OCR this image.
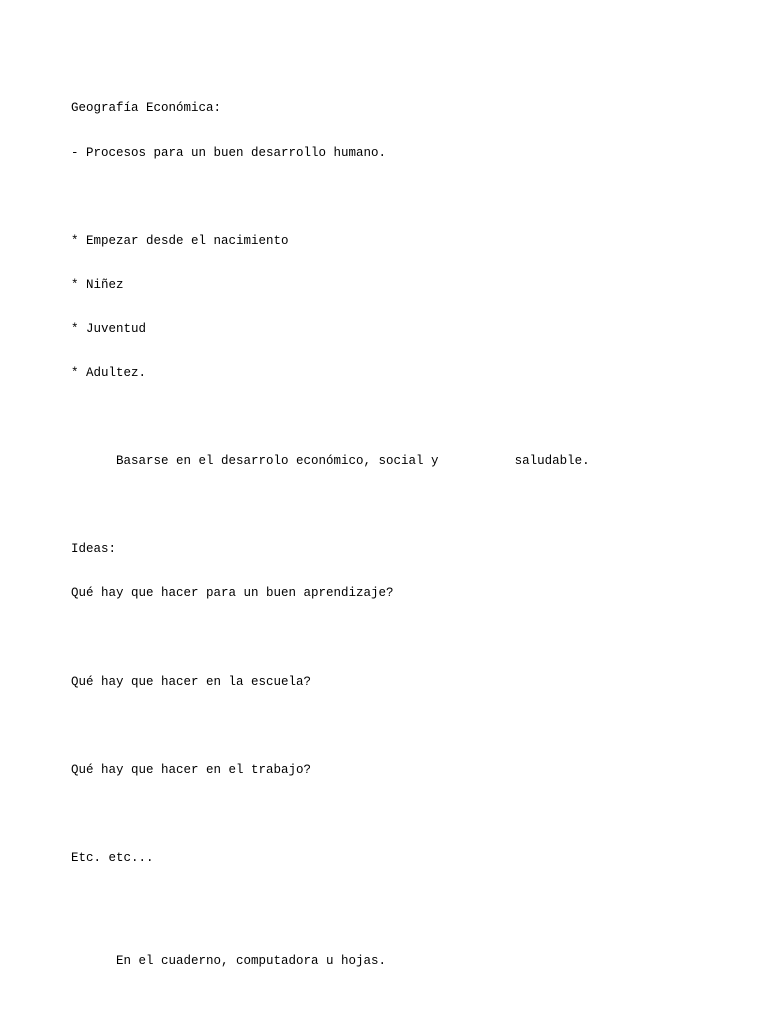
Geografía Económica:

- Procesos para un buen desarrollo humano.

* Empezar desde el nacimiento

* Niñez

* Juventud

* Adultez.

Basarse en el desarrolo económico, social y	saludable.

Ideas:

Qué hay que hacer para un buen aprendizaje?

Qué hay que hacer en la escuela?

Qué hay que hacer en el trabajo?

Etc. etc...

En el cuaderno, computadora u hojas.
